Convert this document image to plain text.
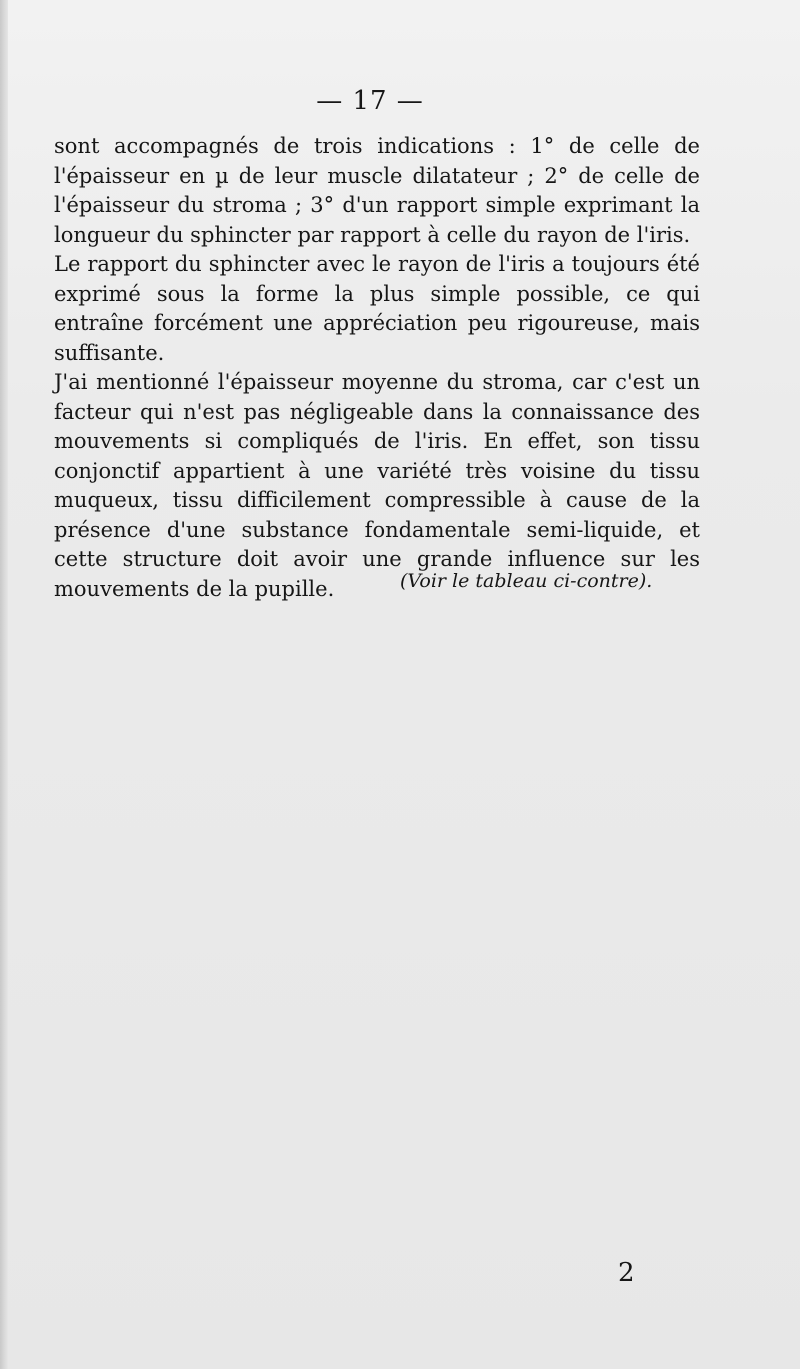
— 17 —

sont accompagnés de trois indications : 1° de celle de l'épaisseur en µ de leur muscle dilatateur ; 2° de celle de l'épaisseur du stroma ; 3° d'un rapport simple exprimant la longueur du sphincter par rapport à celle du rayon de l'iris.

Le rapport du sphincter avec le rayon de l'iris a toujours été exprimé sous la forme la plus simple possible, ce qui entraîne forcément une appréciation peu rigoureuse, mais suffisante.

J'ai mentionné l'épaisseur moyenne du stroma, car c'est un facteur qui n'est pas négligeable dans la connaissance des mouvements si compliqués de l'iris. En effet, son tissu conjonctif appartient à une variété très voisine du tissu muqueux, tissu difficilement compressible à cause de la présence d'une substance fondamentale semi-liquide, et cette structure doit avoir une grande influence sur les mouvements de la pupille.	(Voir le tableau ci-contre).
2
